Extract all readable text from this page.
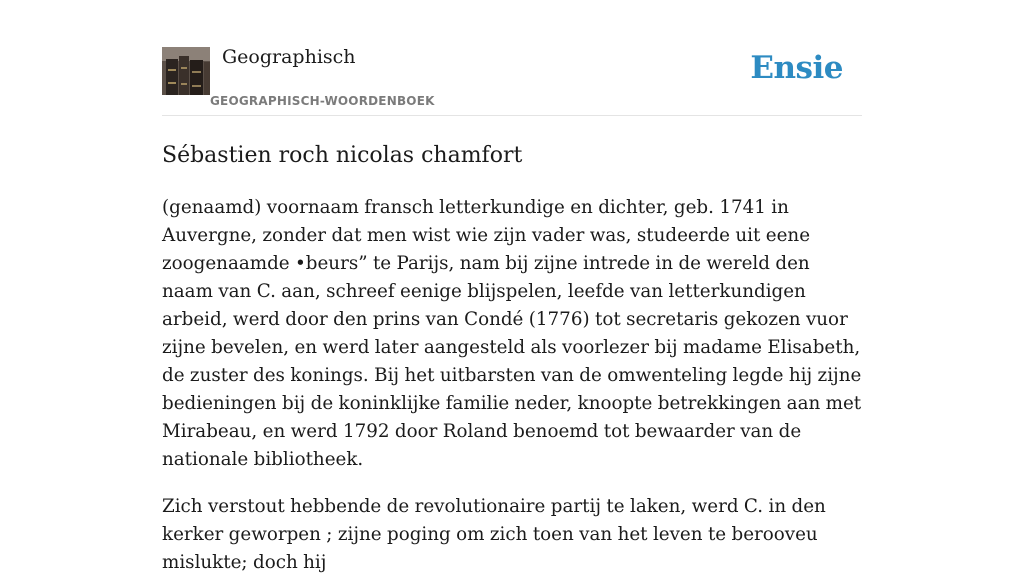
Geographisch
GEOGRAPHISCH-WOORDENBOEK
Ensie
Sébastien roch nicolas chamfort

(genaamd) voornaam fransch letterkundige en dichter, geb. 1741 in Auvergne, zonder dat men wist wie zijn vader was, studeerde uit eene zoogenaamde •beurs” te Parijs, nam bij zijne intrede in de wereld den naam van C. aan, schreef eenige blijspelen, leefde van letterkundigen arbeid, werd door den prins van Condé (1776) tot secretaris gekozen vuor zijne bevelen, en werd later aangesteld als voorlezer bij madame Elisabeth, de zuster des konings. Bij het uitbarsten van de omwenteling legde hij zijne bedieningen bij de koninklijke familie neder, knoopte betrekkingen aan met Mirabeau, en werd 1792 door Roland benoemd tot bewaarder van de nationale bibliotheek.

Zich verstout hebbende de revolutionaire partij te laken, werd C. in den kerker geworpen ; zijne poging om zich toen van het leven te berooveu mislukte; doch hij
